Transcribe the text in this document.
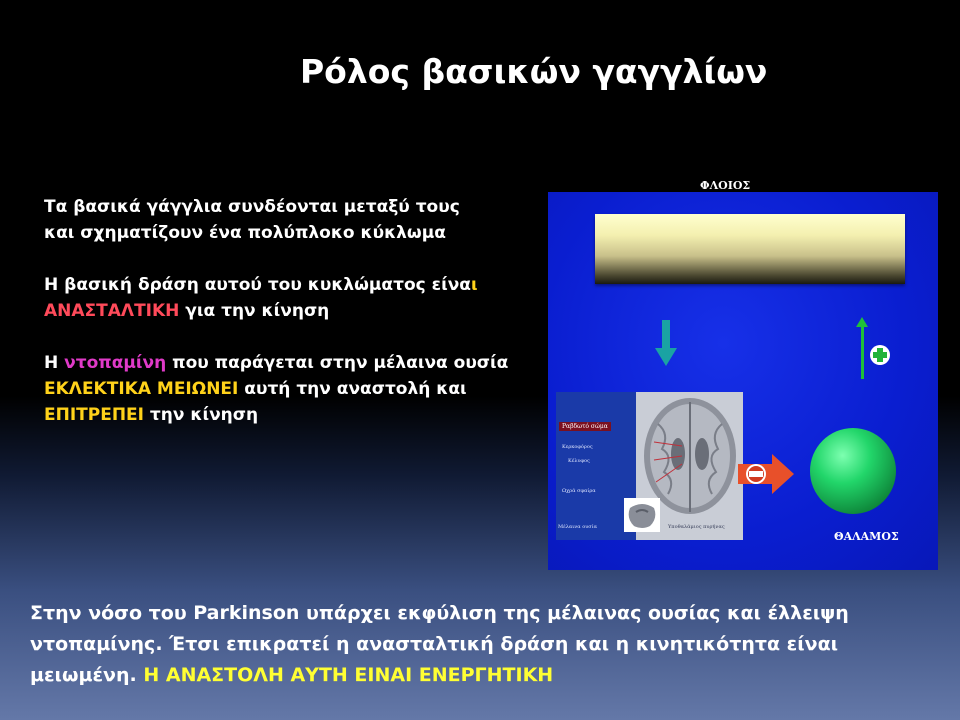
Ρόλος βασικών γαγγλίων

Τα βασικά γάγγλια συνδέονται μεταξύ τους
και σχηματίζουν ένα πολύπλοκο κύκλωμα

Η βασική δράση αυτού του κυκλώματος είναι
ΑΝΑΣΤΑΛΤΙΚΗ για την κίνηση

Η ντοπαμίνη που παράγεται στην μέλαινα ουσία ΕΚΛΕΚΤΙΚΑ ΜΕΙΩΝΕΙ αυτή την αναστολή και ΕΠΙΤΡΕΠΕΙ την κίνηση

ΦΛΟΙΟΣ
Ραβδωτό σώμα
Κερκοφόρος
Κέλυφος
Ωχρά σφαίρα
Μέλαινα ουσία	Υποθαλάμιος πυρήνας
ΘΑΛΑΜΟΣ
Στην νόσο του Parkinson υπάρχει εκφύλιση της μέλαινας ουσίας και έλλειψη ντοπαμίνης. Έτσι επικρατεί η ανασταλτική δράση και η κινητικότητα είναι μειωμένη. Η ΑΝΑΣΤΟΛΗ ΑΥΤΗ ΕΙΝΑΙ ΕΝΕΡΓΗΤΙΚΗ
